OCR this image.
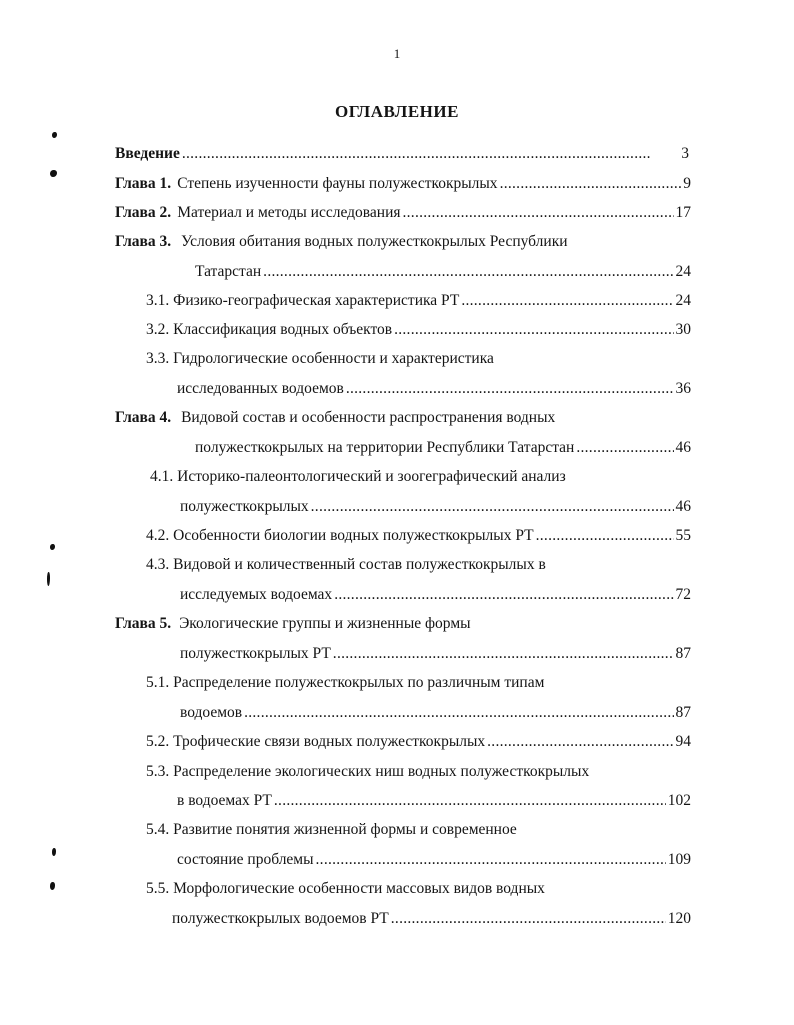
1
ОГЛАВЛЕНИЕ
Введение . . .	3
Глава 1. Степень изученности фауны полужесткокрылых . . .	9
Глава 2. Материал и методы исследования . . .	17
Глава 3. Условия обитания водных полужесткокрылых Республики
Татарстан . . .	24
3.1. Физико-географическая характеристика РТ . . .	24
3.2. Классификация водных объектов . . .	30
3.3. Гидрологические особенности и характеристика
исследованных водоемов . . .	36
Глава 4. Видовой состав и особенности распространения водных
полужесткокрылых на территории Республики Татарстан . . .	46
4.1. Историко-палеонтологический и зоогеграфический анализ
полужесткокрылых . . .	46
4.2. Особенности биологии водных полужесткокрылых РТ . . .	55
4.3. Видовой и количественный состав полужесткокрылых в
исследуемых водоемах . . .	72
Глава 5. Экологические группы и жизненные формы
полужесткокрылых РТ . . .	87
5.1. Распределение полужесткокрылых по различным типам
водоемов . . .	87
5.2. Трофические связи водных полужесткокрылых . . .	94
5.3. Распределение экологических ниш водных полужесткокрылых
в водоемах РТ . . .	102
5.4. Развитие понятия жизненной формы и современное
состояние проблемы . . .	109
5.5. Морфологические особенности массовых видов водных
полужесткокрылых водоемов РТ . . .	120
